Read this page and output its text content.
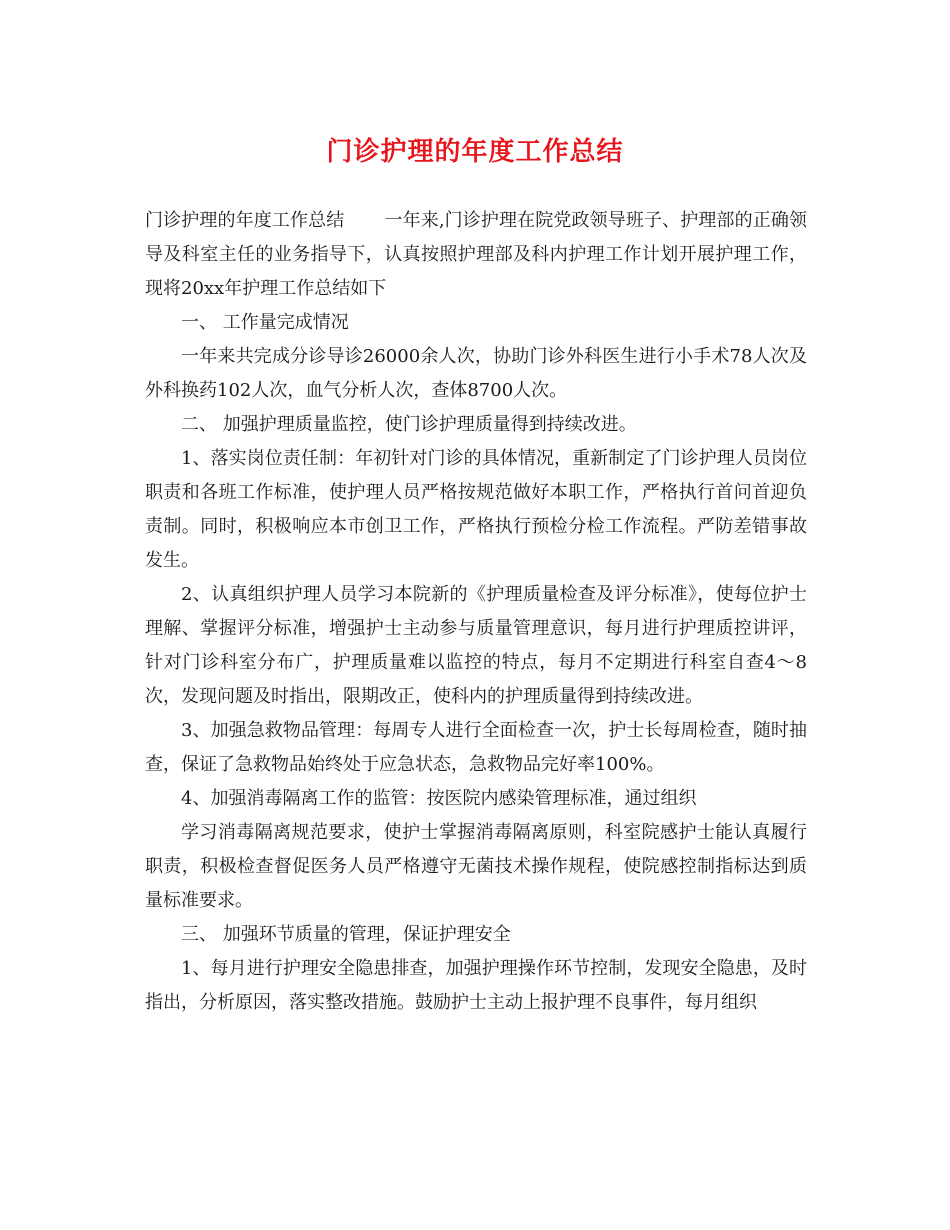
门诊护理的年度工作总结

门诊护理的年度工作总结 一年来,门诊护理在院党政领导班子、护理部的正确领导及科室主任的业务指导下，认真按照护理部及科内护理工作计划开展护理工作，现将20xx年护理工作总结如下

一、 工作量完成情况

一年来共完成分诊导诊26000余人次，协助门诊外科医生进行小手术78人次及外科换药102人次，血气分析人次，查体8700人次。

二、 加强护理质量监控，使门诊护理质量得到持续改进。

1、落实岗位责任制：年初针对门诊的具体情况，重新制定了门诊护理人员岗位职责和各班工作标准，使护理人员严格按规范做好本职工作，严格执行首问首迎负责制。同时，积极响应本市创卫工作，严格执行预检分检工作流程。严防差错事故发生。

2、认真组织护理人员学习本院新的《护理质量检查及评分标准》，使每位护士理解、掌握评分标准，增强护士主动参与质量管理意识，每月进行护理质控讲评，针对门诊科室分布广，护理质量难以监控的特点，每月不定期进行科室自查4～8次，发现问题及时指出，限期改正，使科内的护理质量得到持续改进。

3、加强急救物品管理：每周专人进行全面检查一次，护士长每周检查，随时抽查，保证了急救物品始终处于应急状态，急救物品完好率100%。

4、加强消毒隔离工作的监管：按医院内感染管理标准，通过组织

学习消毒隔离规范要求，使护士掌握消毒隔离原则，科室院感护士能认真履行职责，积极检查督促医务人员严格遵守无菌技术操作规程，使院感控制指标达到质量标准要求。

三、 加强环节质量的管理，保证护理安全

1、每月进行护理安全隐患排查，加强护理操作环节控制，发现安全隐患，及时指出，分析原因，落实整改措施。鼓励护士主动上报护理不良事件，每月组织
